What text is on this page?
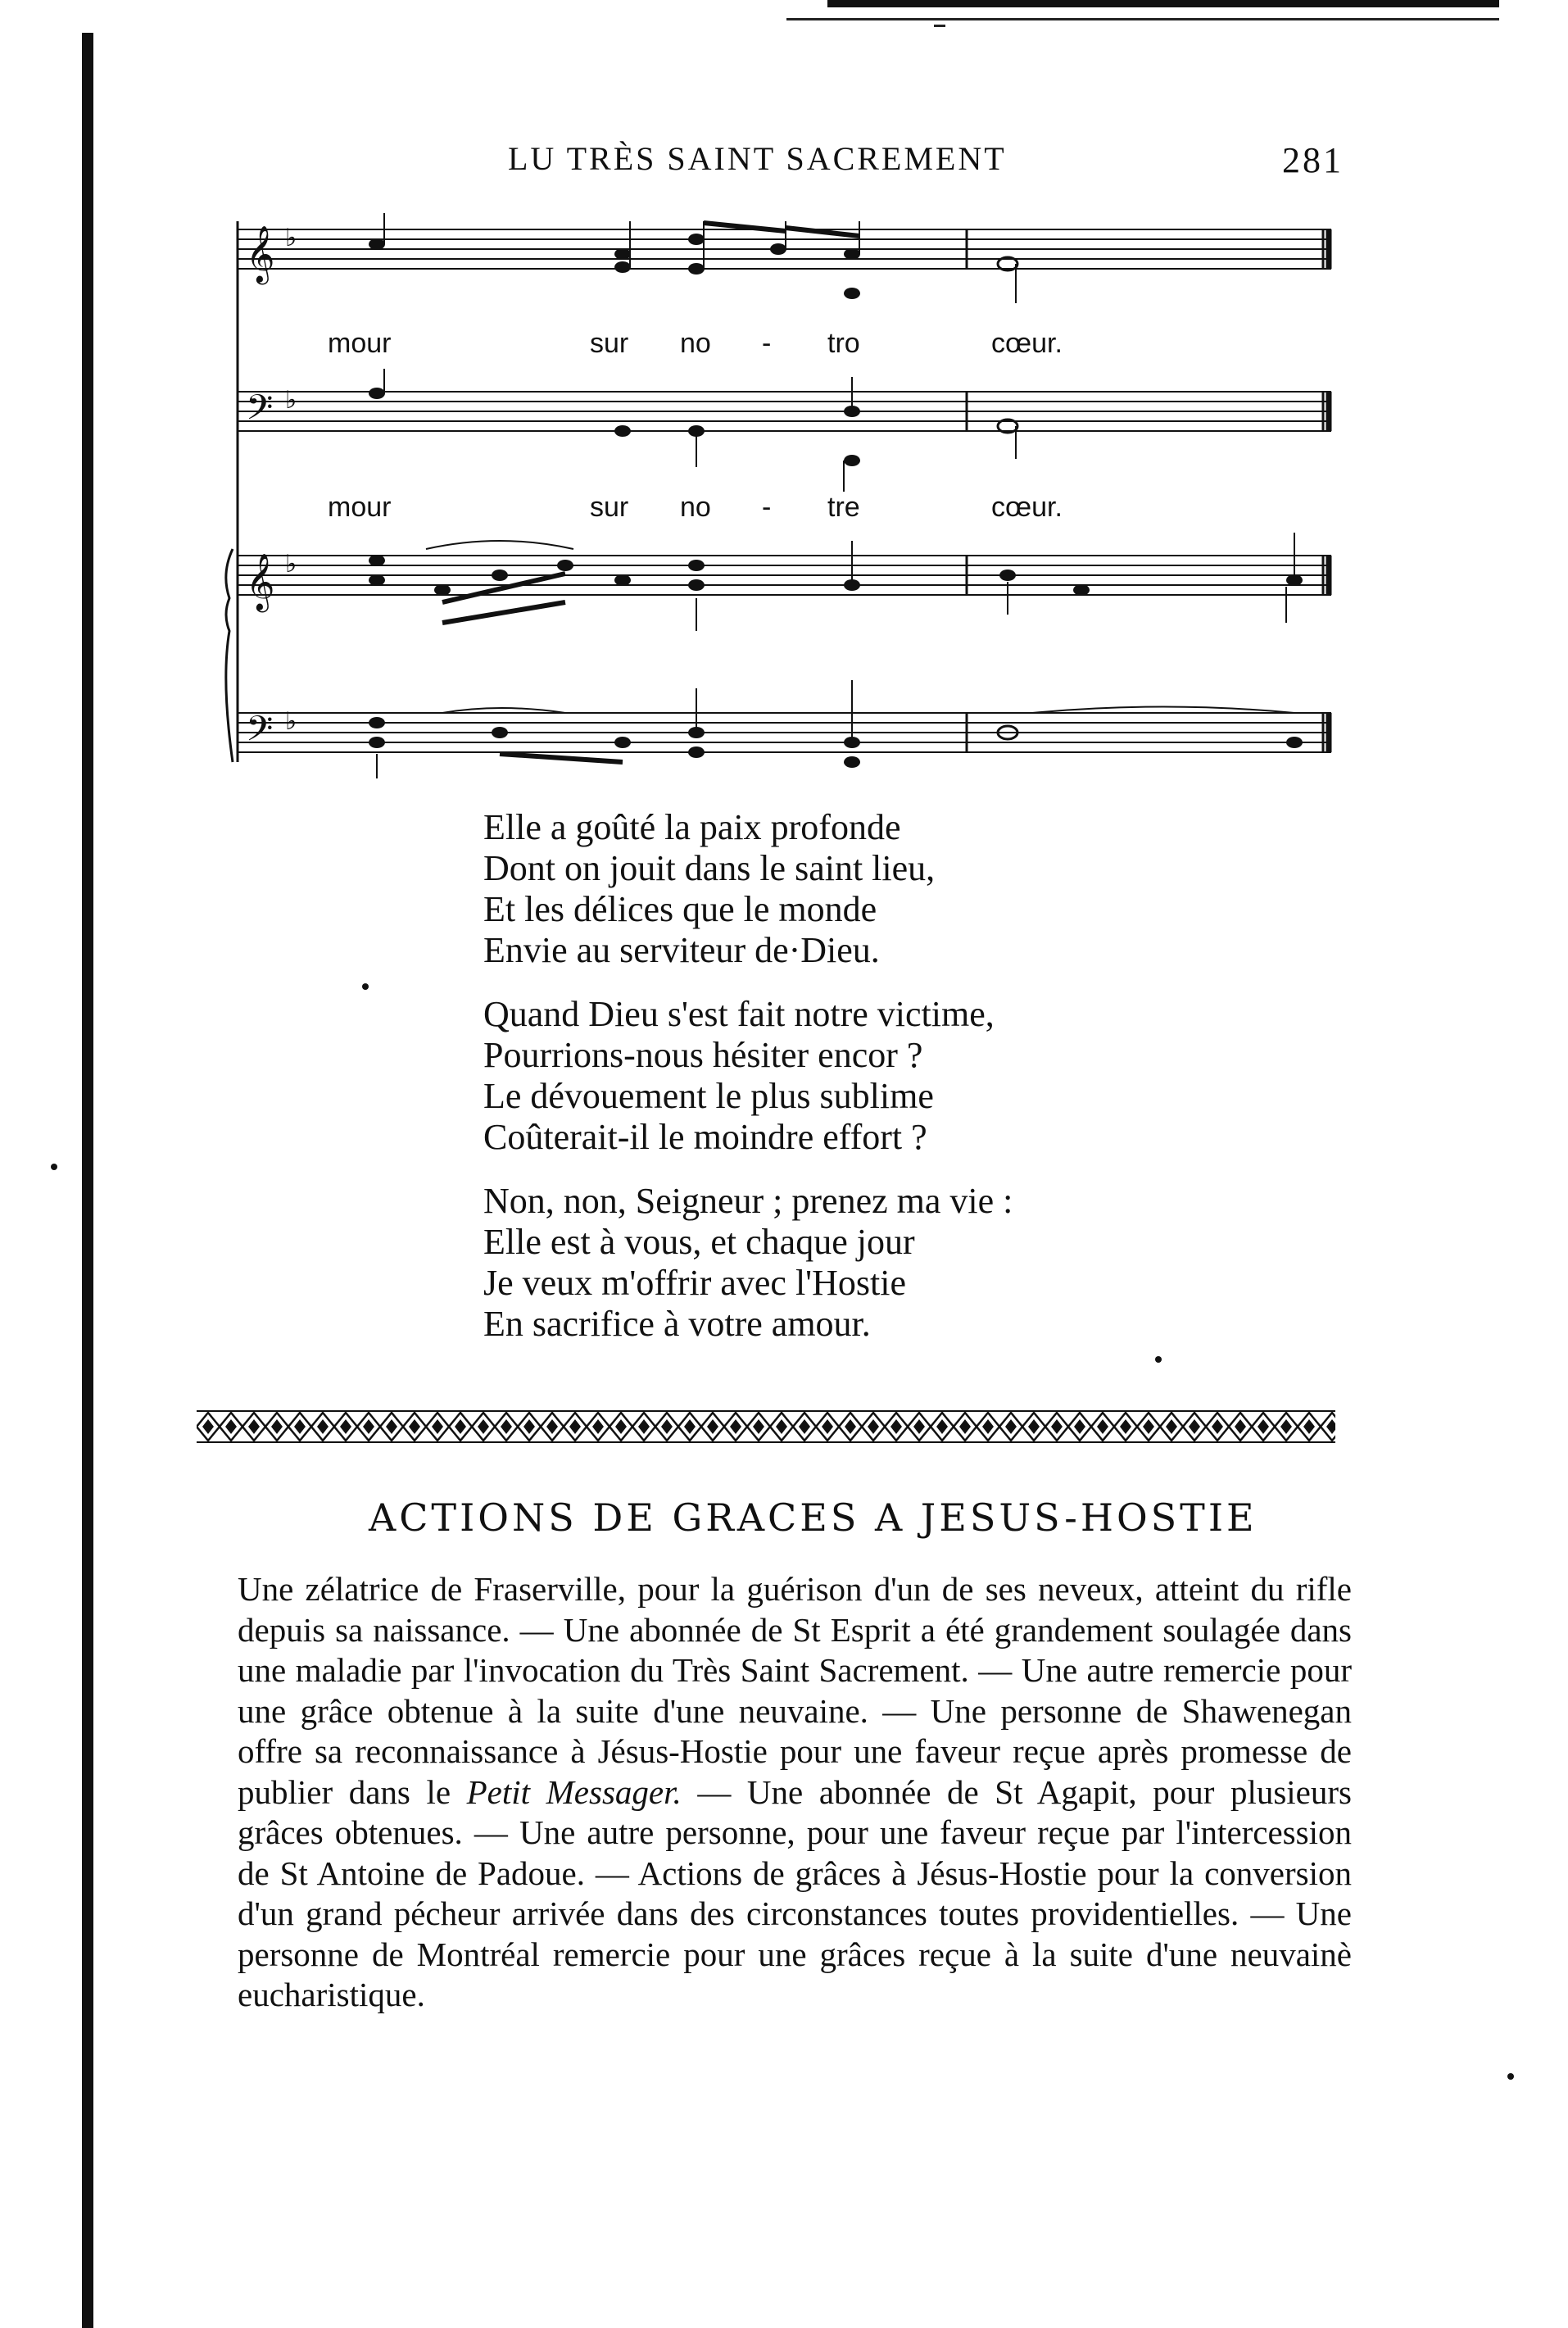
LU TRÈS SAINT SACREMENT	281
𝄞
𝄢
𝄞
𝄢
♭
♭
♭
♭
mour	sur no - tro	cœur.
mour	sur no - tre	cœur.
Elle a goûté la paix profonde
Dont on jouit dans le saint lieu,
Et les délices que le monde
Envie au serviteur de·Dieu.
Quand Dieu s'est fait notre victime,
Pourrions-nous hésiter encor ?
Le dévouement le plus sublime
Coûterait-il le moindre effort ?
Non, non, Seigneur ; prenez ma vie :
Elle est à vous, et chaque jour
Je veux m'offrir avec l'Hostie
En sacrifice à votre amour.
ACTIONS DE GRACES A JESUS-HOSTIE
Une zélatrice de Fraserville, pour la guérison d'un de ses neveux, atteint du rifle depuis sa naissance. — Une abonnée de St Esprit a été grandement soulagée dans une maladie par l'invocation du Très Saint Sacrement. — Une autre remercie pour une grâce obtenue à la suite d'une neuvaine. — Une personne de Shawenegan offre sa reconnaissance à Jésus-Hostie pour une faveur reçue après promesse de publier dans le Petit Messager. — Une abonnée de St Agapit, pour plusieurs grâces obtenues. — Une autre personne, pour une faveur reçue par l'intercession de St Antoine de Padoue. — Actions de grâces à Jésus-Hostie pour la conversion d'un grand pécheur arrivée dans des circonstances toutes providentielles. — Une personne de Montréal remercie pour une grâces reçue à la suite d'une neuvainè eucharistique.
